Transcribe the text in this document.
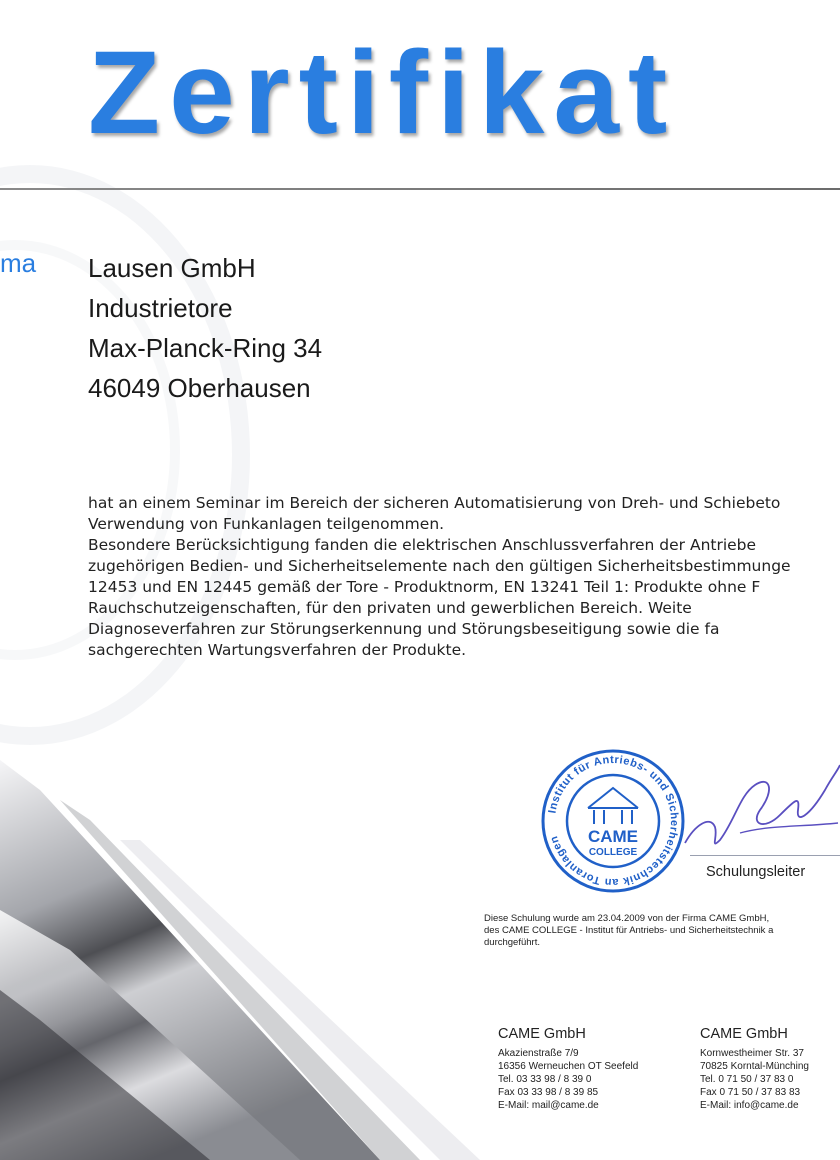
Zertifikat
ma Lausen GmbH
Industrietore
Max-Planck-Ring 34
46049 Oberhausen
hat an einem Seminar im Bereich der sicheren Automatisierung von Dreh- und Schiebeto
Verwendung von Funkanlagen teilgenommen.
Besondere Berücksichtigung fanden die elektrischen Anschlussverfahren der Antriebe
zugehörigen Bedien- und Sicherheitselemente nach den gültigen Sicherheitsbestimmunge
12453 und EN 12445 gemäß der Tore - Produktnorm, EN 13241 Teil 1: Produkte ohne F
Rauchschutzeigenschaften, für den privaten und gewerblichen Bereich. Weite
Diagnoseverfahren zur Störungserkennung und Störungsbeseitigung sowie die fa
sachgerechten Wartungsverfahren der Produkte.
Institut für Antriebs- und Sicherheitstechnik an Toranlagen	CAME
COLLEGE
Schulungsleiter
Diese Schulung wurde am 23.04.2009 von der Firma CAME GmbH,
des CAME COLLEGE - Institut für Antriebs- und Sicherheitstechnik a
durchgeführt.
CAME GmbH
Akazienstraße 7/9
16356 Werneuchen OT Seefeld
Tel. 03 33 98 / 8 39 0
Fax 03 33 98 / 8 39 85
E-Mail: mail@came.de
CAME GmbH
Kornwestheimer Str. 37
70825 Korntal-Münching
Tel. 0 71 50 / 37 83 0
Fax 0 71 50 / 37 83 83
E-Mail: info@came.de
